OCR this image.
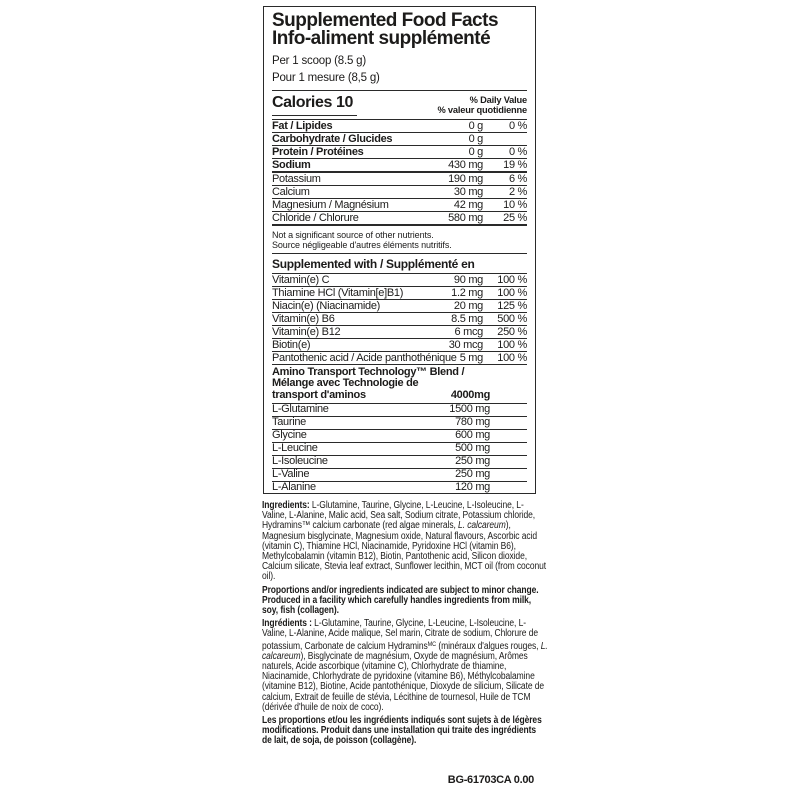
Supplemented Food Facts
Info-aliment supplémenté
Per 1 scoop (8.5 g)
Pour 1 mesure (8,5 g)
Calories 10	% Daily Value
% valeur quotidienne
Fat / Lipides	0 g 0 %
Carbohydrate / Glucides	0 g
Protein / Protéines	0 g 0 %
Sodium	430 mg 19 %
Potassium	190 mg 6 %
Calcium	30 mg 2 %
Magnesium / Magnésium	42 mg 10 %
Chloride / Chlorure	580 mg 25 %
Not a significant source of other nutrients.
Source négligeable d'autres éléments nutritifs.
Supplemented with / Supplémenté en
Vitamin(e) C	90 mg 100 %
Thiamine HCl (Vitamin[e]B1)	1.2 mg 100 %
Niacin(e) (Niacinamide)	20 mg 125 %
Vitamin(e) B6	8.5 mg 500 %
Vitamin(e) B12	6 mcg 250 %
Biotin(e)	30 mcg 100 %
Pantothenic acid / Acide panthothénique 5 mg 100 %
Amino Transport Technology™ Blend /
Mélange avec Technologie de
transport d'aminos	4000mg
L-Glutamine	1500 mg
Taurine	780 mg
Glycine	600 mg
L-Leucine	500 mg
L-Isoleucine	250 mg
L-Valine	250 mg
L-Alanine	120 mg

Ingredients: L-Glutamine, Taurine, Glycine, L-Leucine, L-Isoleucine, L-Valine, L-Alanine, Malic acid, Sea salt, Sodium citrate, Potassium chloride, Hydramins™ calcium carbonate (red algae minerals, L. calcareum), Magnesium bisglycinate, Magnesium oxide, Natural flavours, Ascorbic acid (vitamin C), Thiamine HCl, Niacinamide, Pyridoxine HCl (vitamin B6), Methylcobalamin (vitamin B12), Biotin, Pantothenic acid, Silicon dioxide, Calcium silicate, Stevia leaf extract, Sunflower lecithin, MCT oil (from coconut oil).

Proportions and/or ingredients indicated are subject to minor change. Produced in a facility which carefully handles ingredients from milk, soy, fish (collagen).

Ingrédients : L-Glutamine, Taurine, Glycine, L-Leucine, L-Isoleucine, L-Valine, L-Alanine, Acide malique, Sel marin, Citrate de sodium, Chlorure de potassium, Carbonate de calcium Hydramins$^{MC}$ (minéraux d'algues rouges, L. calcareum), Bisglycinate de magnésium, Oxyde de magnésium, Arômes naturels, Acide ascorbique (vitamine C), Chlorhydrate de thiamine, Niacinamide, Chlorhydrate de pyridoxine (vitamine B6), Méthylcobalamine (vitamine B12), Biotine, Acide pantothénique, Dioxyde de silicium, Silicate de calcium, Extrait de feuille de stévia, Lécithine de tournesol, Huile de TCM (dérivée d'huile de noix de coco).

Les proportions et/ou les ingrédients indiqués sont sujets à de légères modifications. Produit dans une installation qui traite des ingrédients de lait, de soja, de poisson (collagène).

BG-61703CA 0.00
